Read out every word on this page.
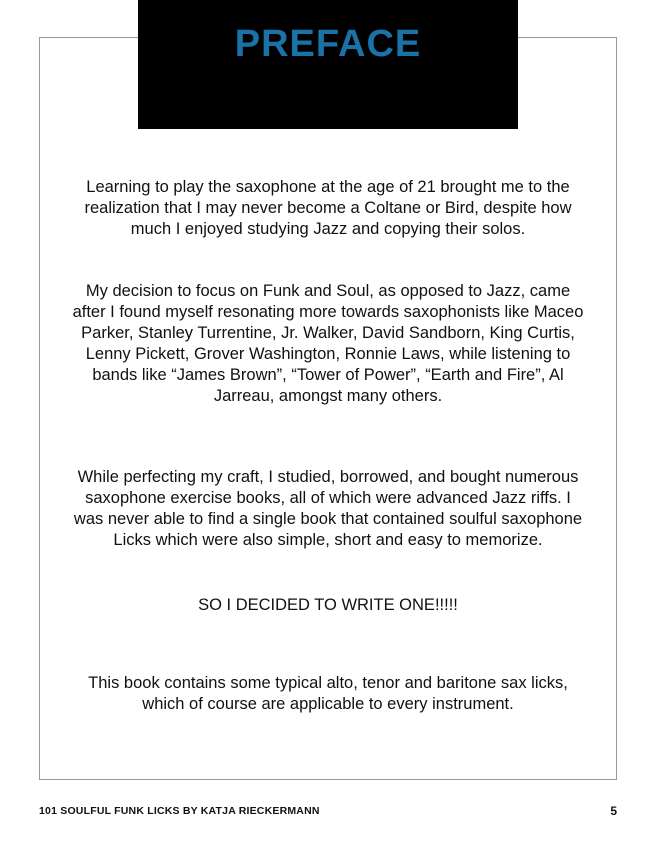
PREFACE

Learning to play the saxophone at the age of 21 brought me to the realization that I may never become a Coltane or Bird, despite how much I enjoyed studying Jazz and copying their solos.

My decision to focus on Funk and Soul, as opposed to Jazz, came after I found myself resonating more towards saxophonists like Maceo Parker, Stanley Turrentine, Jr. Walker, David Sandborn, King Curtis, Lenny Pickett, Grover Washington, Ronnie Laws, while listening to bands like “James Brown”, “Tower of Power”, “Earth and Fire”, Al Jarreau, amongst many others.

While perfecting my craft, I studied, borrowed, and bought numerous saxophone exercise books, all of which were advanced Jazz riffs. I was never able to find a single book that contained soulful saxophone Licks which were also simple, short and easy to memorize.

SO I DECIDED TO WRITE ONE!!!!!

This book contains some typical alto, tenor and baritone sax licks, which of course are applicable to every instrument.

101 SOULFUL FUNK LICKS BY KATJA RIECKERMANN	5
